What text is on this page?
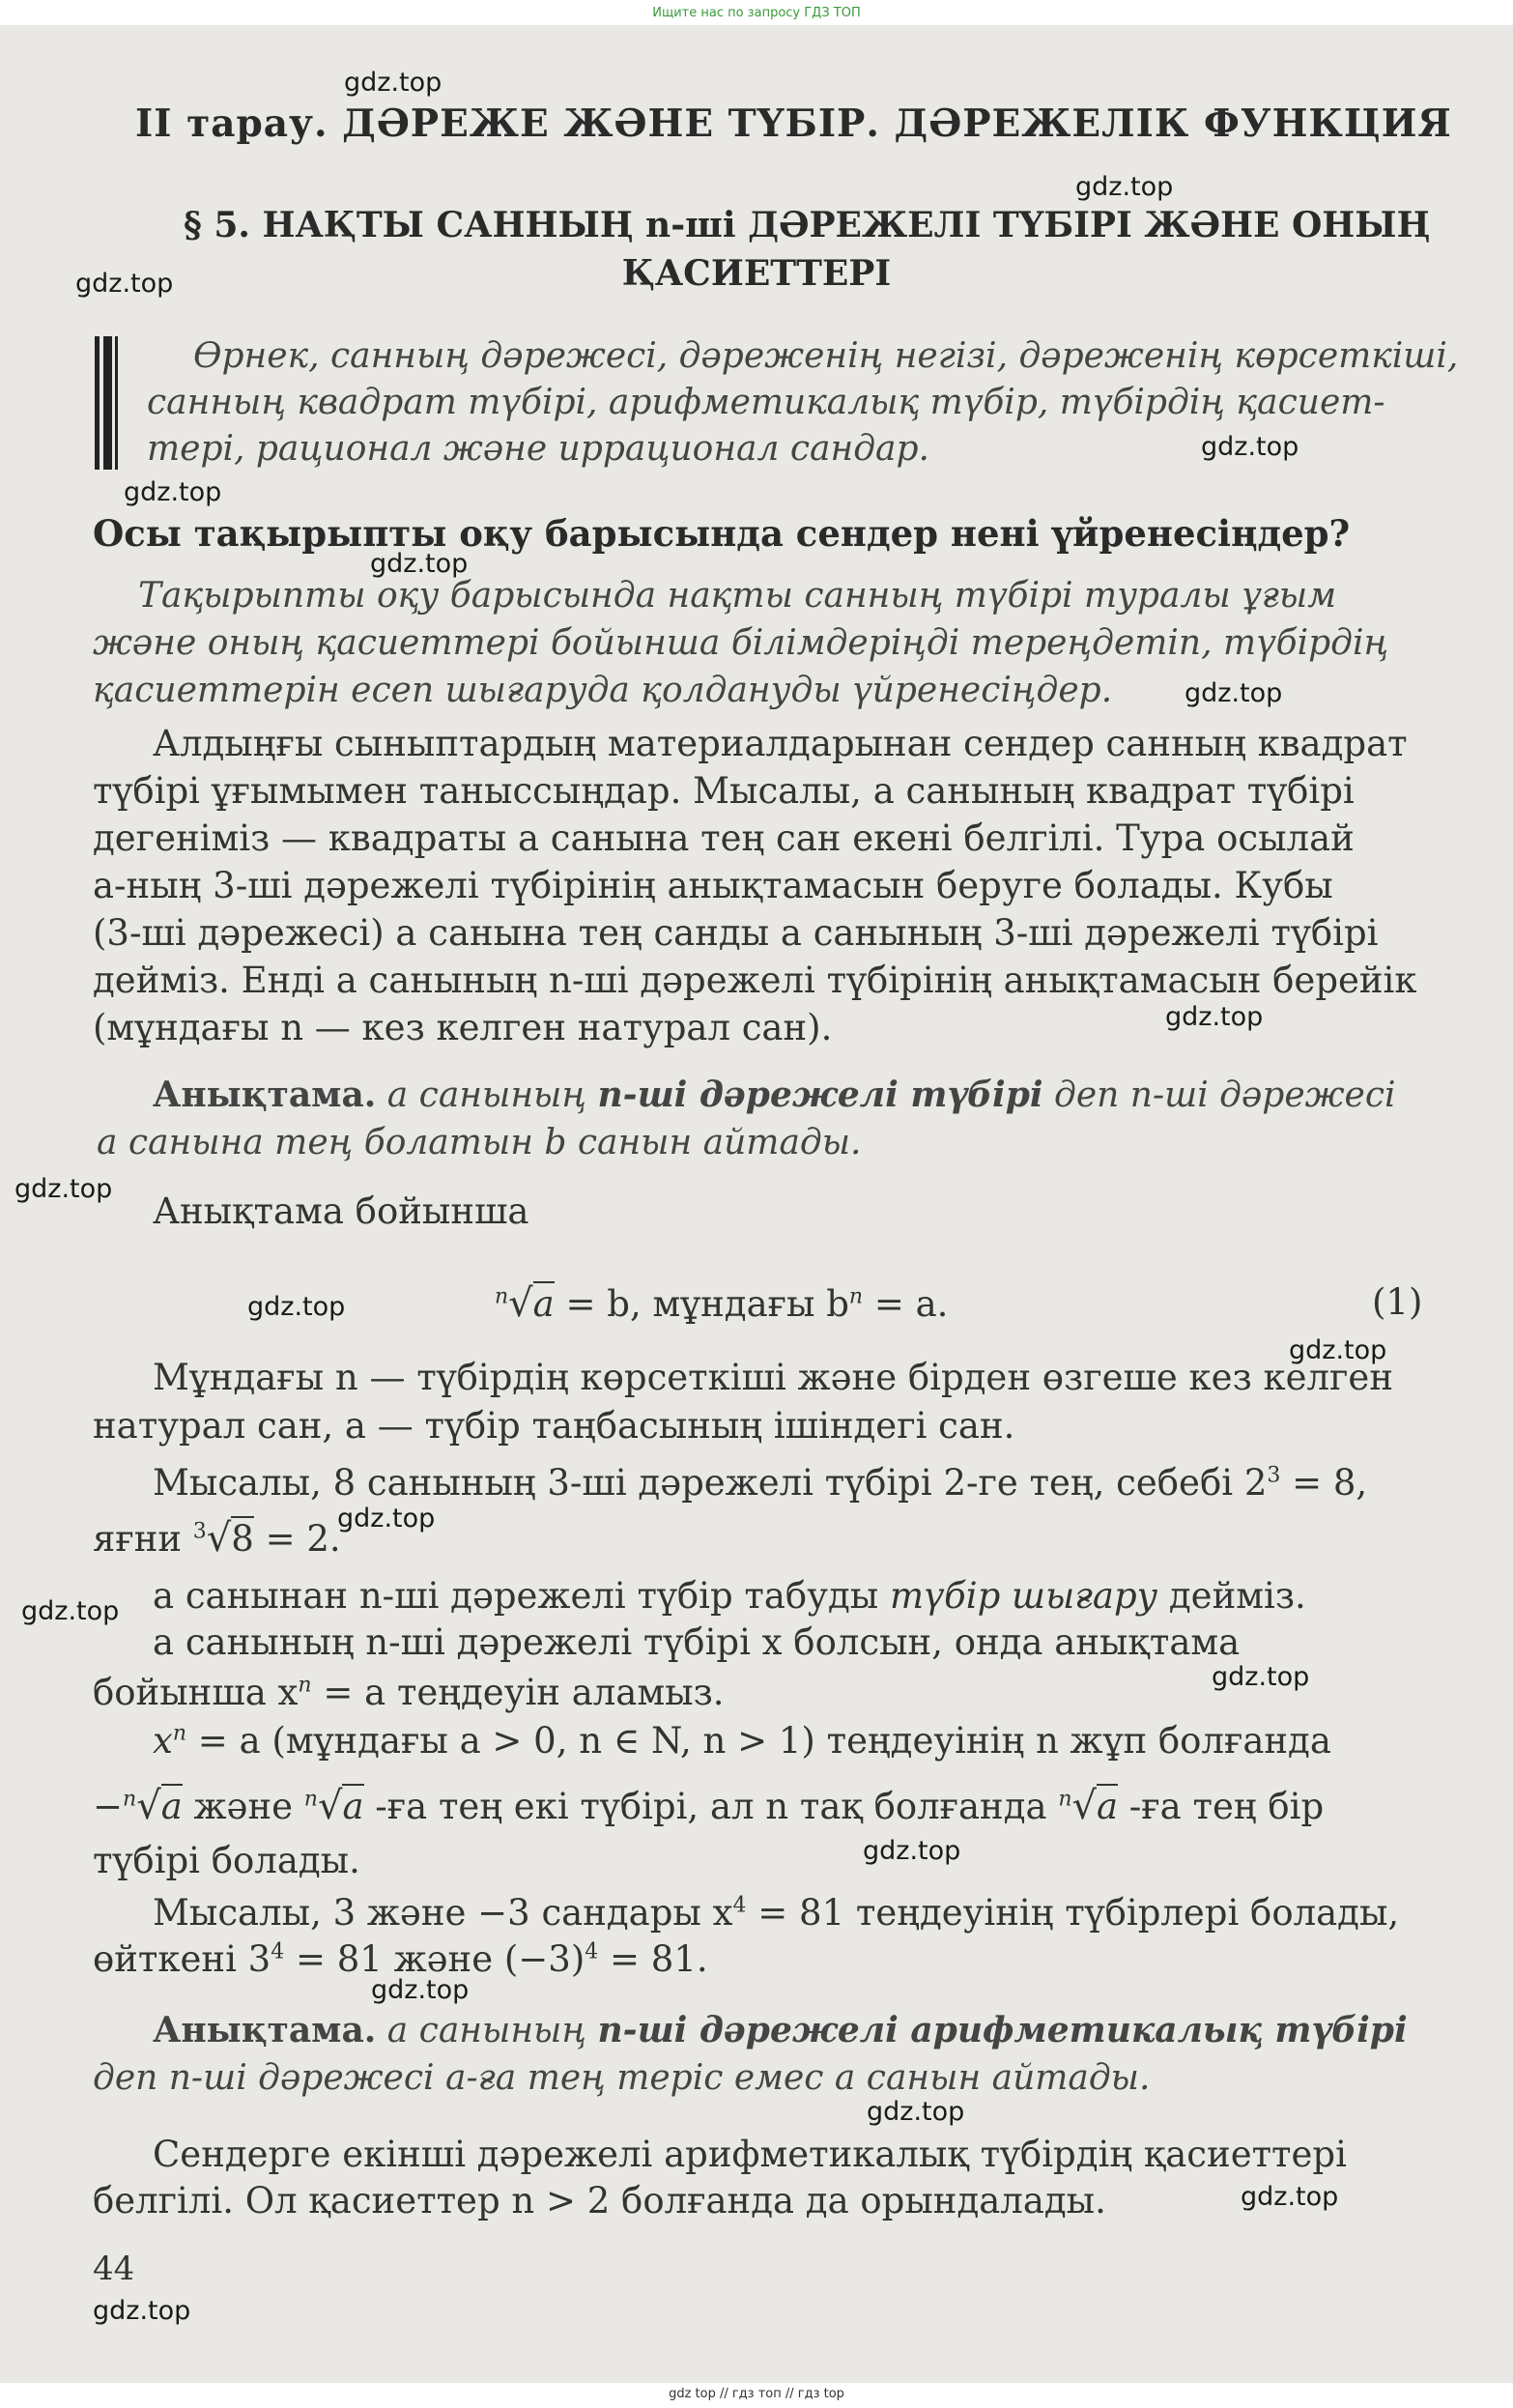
Ищите нас по запросу ГДЗ ТОП
gdz.top
gdz.top
gdz.top
gdz.top
gdz.top
gdz.top
gdz.top
gdz.top
gdz.top
gdz.top
gdz.top
gdz.top
gdz.top
gdz.top
gdz.top
gdz.top
gdz.top
gdz.top
gdz.top
II тарау. ДӘРЕЖЕ ЖӘНЕ ТҮБІР. ДӘРЕЖЕЛІК ФУНКЦИЯ
§ 5. НАҚТЫ САННЫҢ n-ші ДӘРЕЖЕЛІ ТҮБІРІ ЖӘНЕ ОНЫҢ
ҚАСИЕТТЕРІ
Өрнек, санның дәрежесі, дәреженің негізі, дәреженің көрсеткіші,
санның квадрат түбірі, арифметикалық түбір, түбірдің қасиет-
тері, рационал және иррационал сандар.
Осы тақырыпты оқу барысында сендер нені үйренесіңдер?
Тақырыпты оқу барысында нақты санның түбірі туралы ұғым
және оның қасиеттері бойынша білімдеріңді тереңдетіп, түбірдің
қасиеттерін есеп шығаруда қолдануды үйренесіңдер.
Алдыңғы сыныптардың материалдарынан сендер санның квадрат
түбірі ұғымымен таныссыңдар. Мысалы, a санының квадрат түбірі
дегеніміз — квадраты a санына тең сан екені белгілі. Тура осылай
a-ның 3-ші дәрежелі түбірінің анықтамасын беруге болады. Кубы
(3-ші дәрежесі) a санына тең санды a санының 3-ші дәрежелі түбірі
дейміз. Енді a санының n-ші дәрежелі түбірінің анықтамасын берейік
(мұндағы n — кез келген натурал сан).
Анықтама. a санының n-ші дәрежелі түбірі деп n-ші дәрежесі
a санына тең болатын b санын айтады.
Анықтама бойынша
$^n$√a = b, мұндағы $b^n = a$.	(1)
Мұндағы n — түбірдің көрсеткіші және бірден өзгеше кез келген
натурал сан, a — түбір таңбасының ішіндегі сан.
Мысалы, 8 санының 3-ші дәрежелі түбірі 2-ге тең, себебі $2^3 = 8$,
яғни $^3$√8 = 2.
a санынан n-ші дәрежелі түбір табуды түбір шығару дейміз.
a санының n-ші дәрежелі түбірі x болсын, онда анықтама
бойынша $x^n = a$ теңдеуін аламыз.
$x^n = a$ (мұндағы a > 0, n ∈ N, n > 1) теңдеуінің n жұп болғанда
−$^n$√a және $^n$√a -ға тең екі түбірі, ал n тақ болғанда $^n$√a -ға тең бір
түбірі болады.
Мысалы, 3 және −3 сандары $x^4 = 81$ теңдеуінің түбірлері болады,
өйткені $3^4 = 81$ және $(-3)^4 = 81$.
Анықтама. a санының n-ші дәрежелі арифметикалық түбірі
деп n-ші дәрежесі a-ға тең теріс емес a санын айтады.
Сендерге екінші дәрежелі арифметикалық түбірдің қасиеттері
белгілі. Ол қасиеттер n > 2 болғанда да орындалады.
44
gdz top // гдз топ // гдз top
